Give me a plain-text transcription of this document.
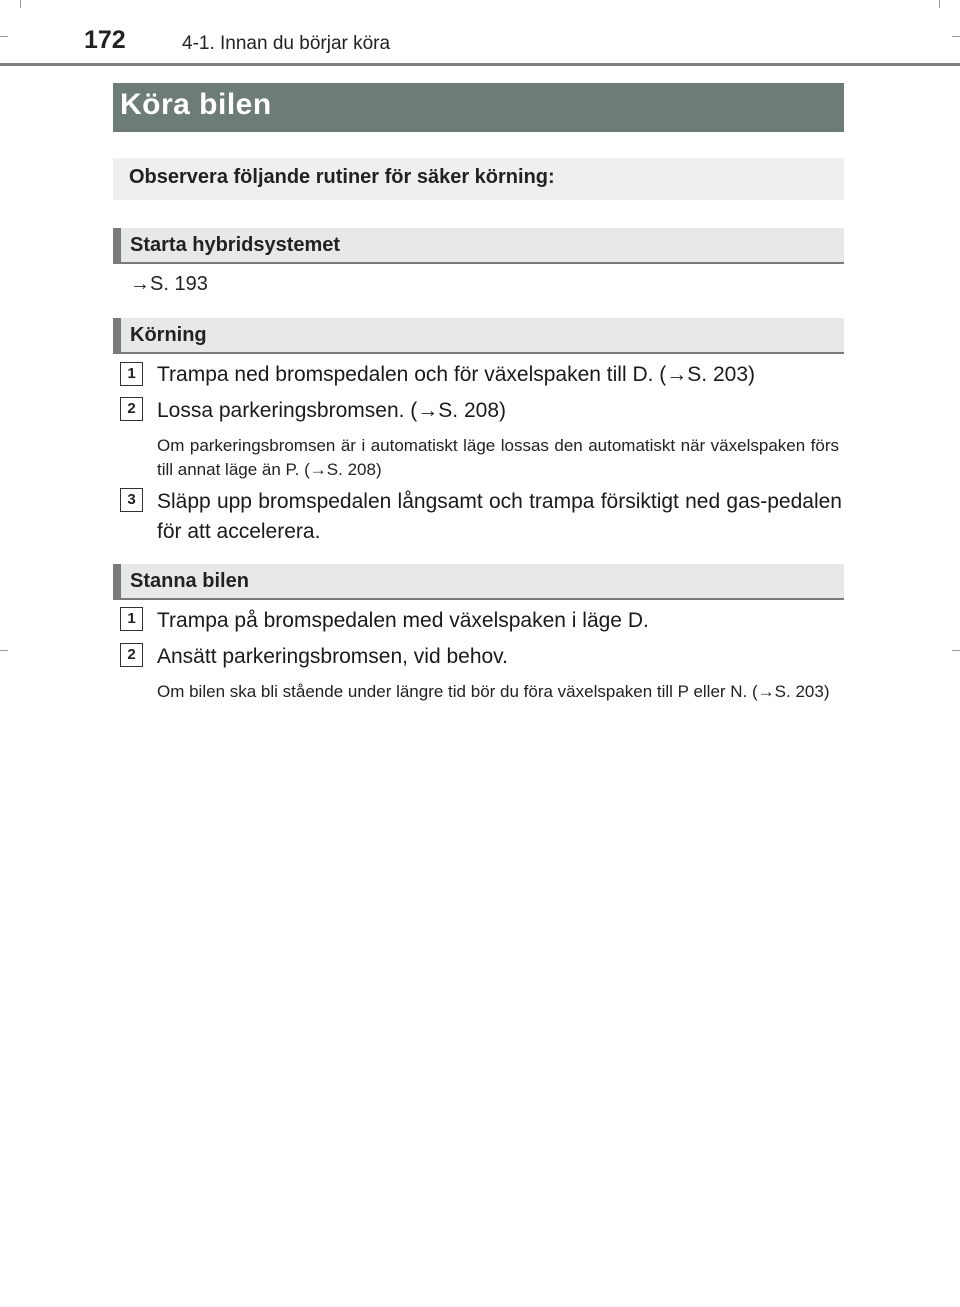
172	4-1. Innan du börjar köra
Köra bilen
Observera följande rutiner för säker körning:
Starta hybridsystemet
→S. 193
Körning
1	Trampa ned bromspedalen och för växelspaken till D. (→S. 203)
2	Lossa parkeringsbromsen. (→S. 208)
Om parkeringsbromsen är i automatiskt läge lossas den automatiskt när växelspaken förs till annat läge än P. (→S. 208)
3	Släpp upp bromspedalen långsamt och trampa försiktigt ned gas-pedalen för att accelerera.
Stanna bilen
1	Trampa på bromspedalen med växelspaken i läge D.
2	Ansätt parkeringsbromsen, vid behov.
Om bilen ska bli stående under längre tid bör du föra växelspaken till P eller N. (→S. 203)
